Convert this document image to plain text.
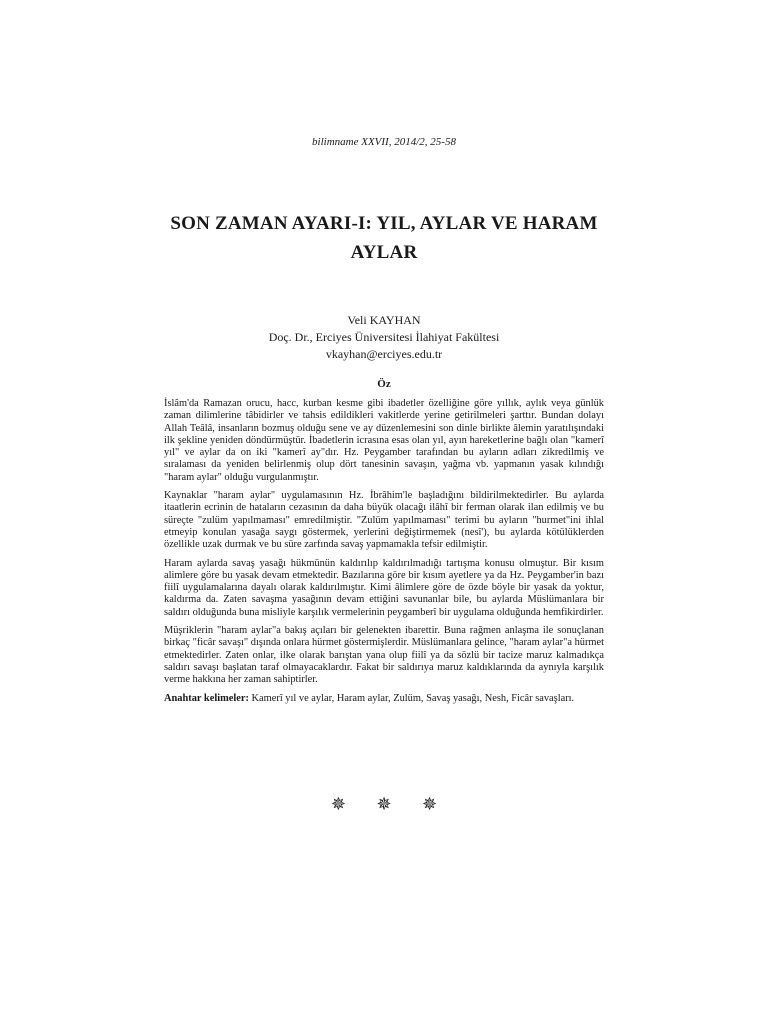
bilimname XXVII, 2014/2, 25-58
SON ZAMAN AYARI-I: YIL, AYLAR VE HARAM AYLAR
Veli KAYHAN
Doç. Dr., Erciyes Üniversitesi İlahiyat Fakültesi
vkayhan@erciyes.edu.tr
Öz

İslâm'da Ramazan orucu, hacc, kurban kesme gibi ibadetler özelliğine göre yıllık, aylık veya günlük zaman dilimlerine tâbidirler ve tahsis edildikleri vakitlerde yerine getirilmeleri şarttır. Bundan dolayı Allah Teâlâ, insanların bozmuş olduğu sene ve ay düzenlemesini son dinle birlikte âlemin yaratılışındaki ilk şekline yeniden döndürmüştür. İbadetlerin icrasına esas olan yıl, ayın hareketlerine bağlı olan "kamerî yıl" ve aylar da on iki "kamerî ay"dır. Hz. Peygamber tarafından bu ayların adları zikredilmiş ve sıralaması da yeniden belirlenmiş olup dört tanesinin savaşın, yağma vb. yapmanın yasak kılındığı "haram aylar" olduğu vurgulanmıştır.

Kaynaklar "haram aylar" uygulamasının Hz. İbrâhim'le başladığını bildirilmektedirler. Bu aylarda itaatlerin ecrinin de hataların cezasının da daha büyük olacağı ilâhî bir ferman olarak ilan edilmiş ve bu süreçte "zulüm yapılmaması" emredilmiştir. "Zulüm yapılmaması" terimi bu ayların "hurmet"ini ihlal etmeyip konulan yasağa saygı göstermek, yerlerini değiştirmemek (nesî'), bu aylarda kötülüklerden özellikle uzak durmak ve bu süre zarfında savaş yapmamakla tefsir edilmiştir.

Haram aylarda savaş yasağı hükmünün kaldırılıp kaldırılmadığı tartışma konusu olmuştur. Bir kısım alimlere göre bu yasak devam etmektedir. Bazılarına göre bir kısım ayetlere ya da Hz. Peygamber'in bazı fiilî uygulamalarına dayalı olarak kaldırılmıştır. Kimi âlimlere göre de özde böyle bir yasak da yoktur, kaldırma da. Zaten savaşma yasağının devam ettiğini savunanlar bile, bu aylarda Müslümanlara bir saldırı olduğunda buna misliyle karşılık vermelerinin peygamberî bir uygulama olduğunda hemfikirdirler.

Müşriklerin "haram aylar"a bakış açıları bir gelenekten ibarettir. Buna rağmen anlaşma ile sonuçlanan birkaç "ficâr savaşı" dışında onlara hürmet göstermişlerdir. Müslümanlara gelince, "haram aylar"a hürmet etmektedirler. Zaten onlar, ilke olarak barıştan yana olup fiilî ya da sözlü bir tacize maruz kalmadıkça saldırı savaşı başlatan taraf olmayacaklardır. Fakat bir saldırıya maruz kaldıklarında da aynıyla karşılık verme hakkına her zaman sahiptirler.

Anahtar kelimeler: Kamerî yıl ve aylar, Haram aylar, Zulüm, Savaş yasağı, Nesh, Ficâr savaşları.

✵ ✵ ✵
